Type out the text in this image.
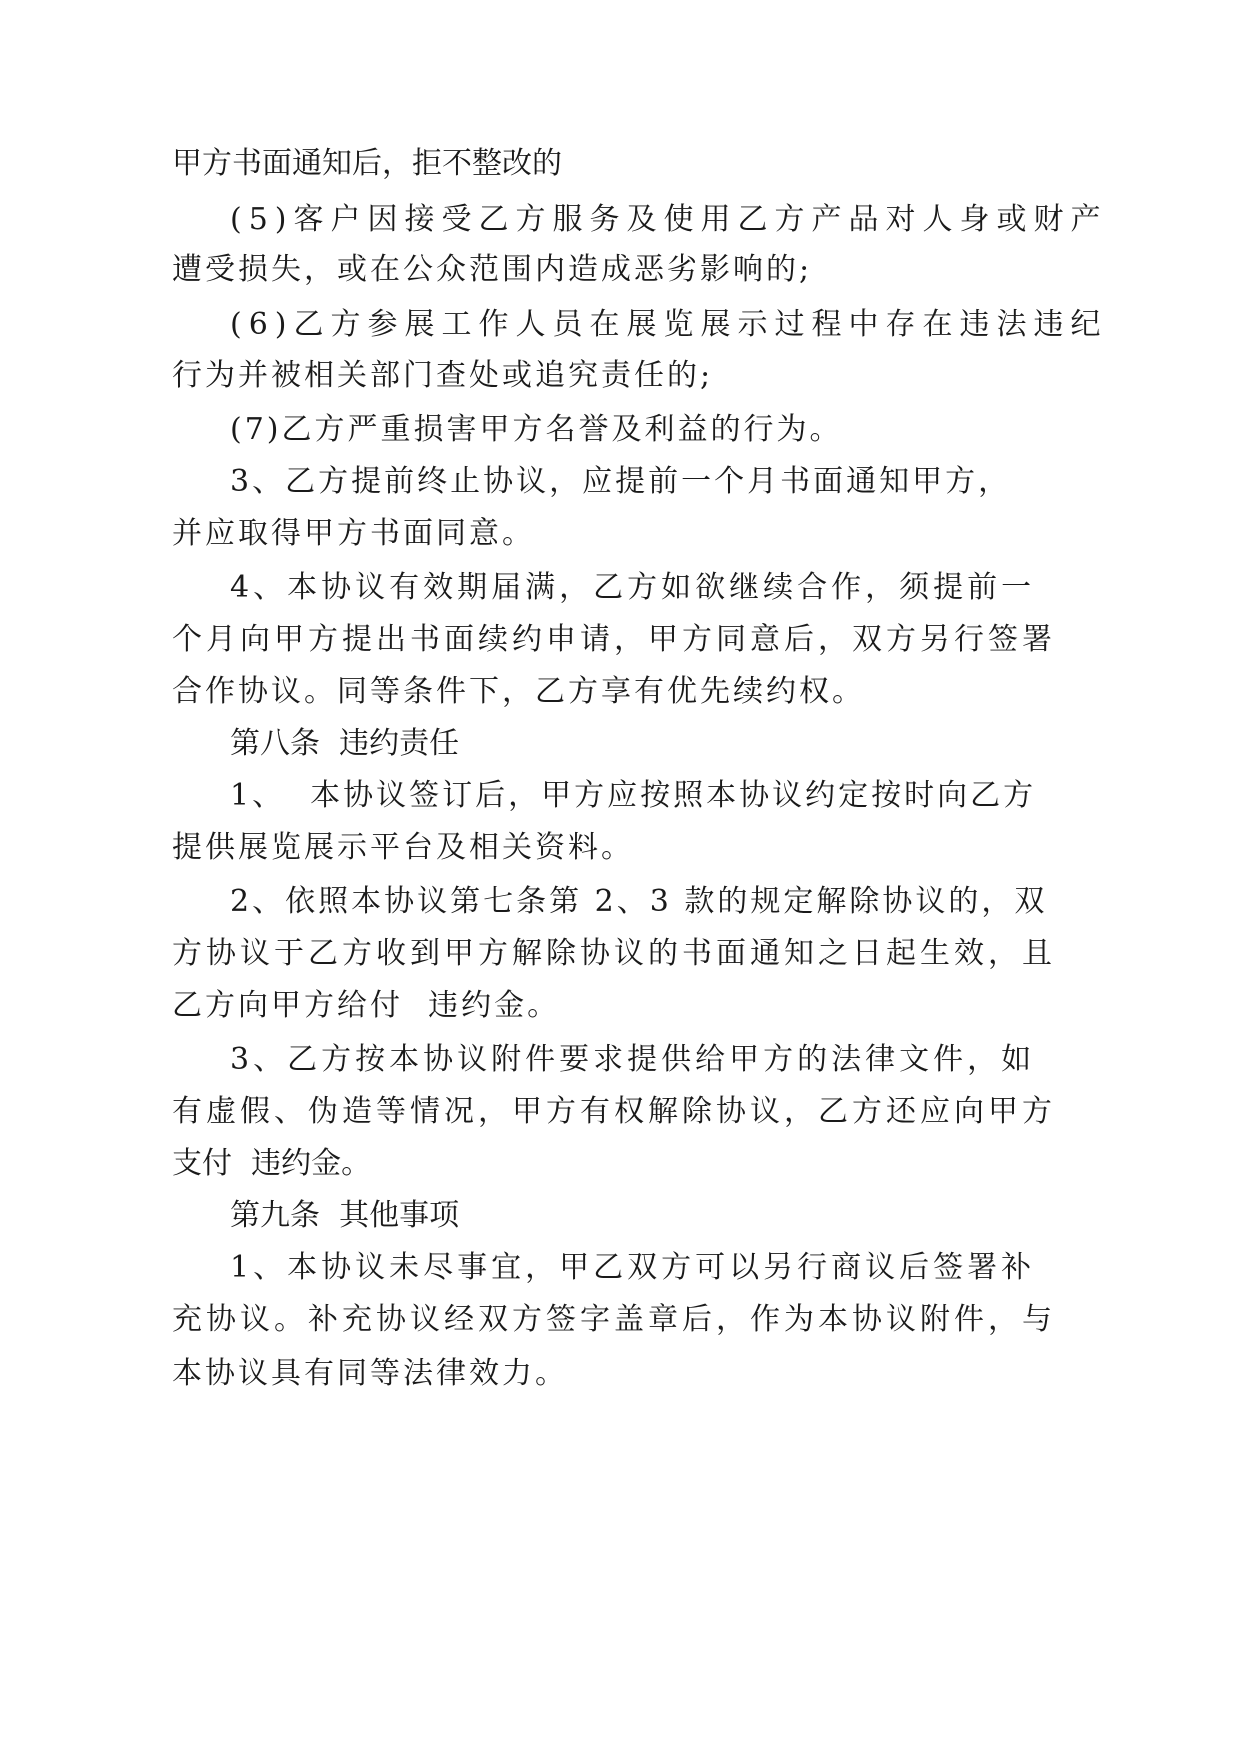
甲方书面通知后，拒不整改的
(5)客户因接受乙方服务及使用乙方产品对人身或财产
遭受损失，或在公众范围内造成恶劣影响的;
(6)乙方参展工作人员在展览展示过程中存在违法违纪
行为并被相关部门查处或追究责任的;
(7)乙方严重损害甲方名誉及利益的行为。
3、乙方提前终止协议，应提前一个月书面通知甲方，
并应取得甲方书面同意。
4、本协议有效期届满，乙方如欲继续合作，须提前一
个月向甲方提出书面续约申请，甲方同意后，双方另行签署
合作协议。同等条件下，乙方享有优先续约权。
第八条  违约责任
1、  本协议签订后，甲方应按照本协议约定按时向乙方
提供展览展示平台及相关资料。
2、依照本协议第七条第 2、3 款的规定解除协议的，双
方协议于乙方收到甲方解除协议的书面通知之日起生效，且
乙方向甲方给付  违约金。
3、乙方按本协议附件要求提供给甲方的法律文件，如
有虚假、伪造等情况，甲方有权解除协议，乙方还应向甲方
支付  违约金。
第九条  其他事项
1、本协议未尽事宜，甲乙双方可以另行商议后签署补
充协议。补充协议经双方签字盖章后，作为本协议附件，与
本协议具有同等法律效力。
